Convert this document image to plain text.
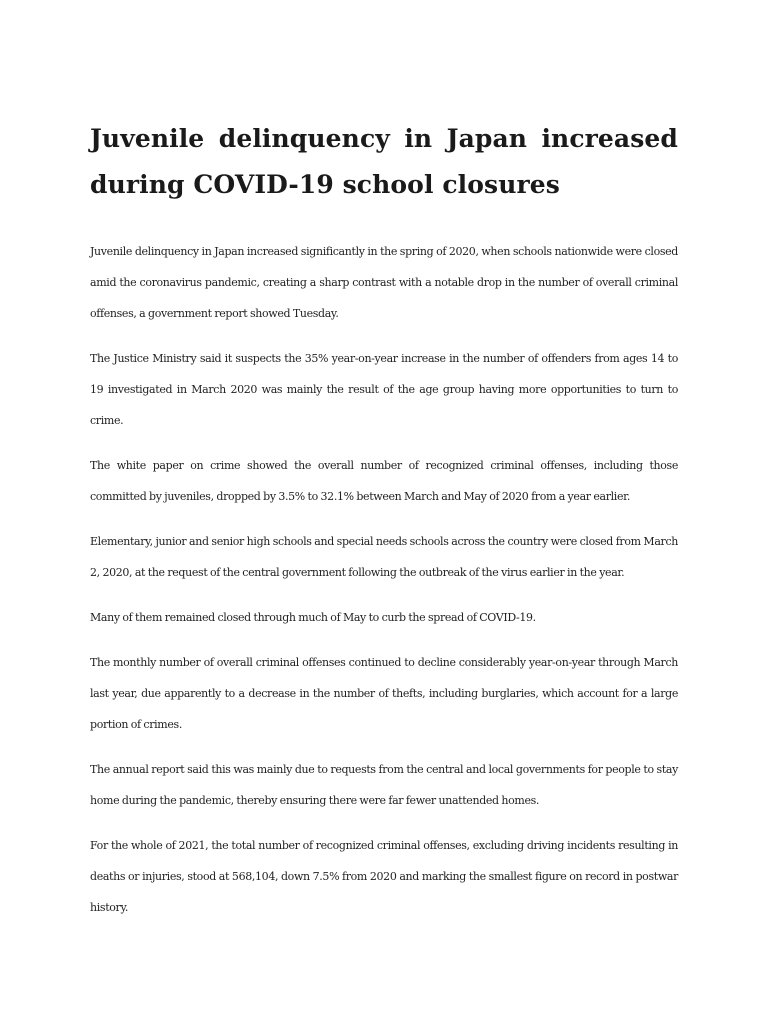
Juvenile delinquency in Japan increased during COVID-19 school closures

Juvenile delinquency in Japan increased significantly in the spring of 2020, when schools nationwide were closed amid the coronavirus pandemic, creating a sharp contrast with a notable drop in the number of overall criminal offenses, a government report showed Tuesday.

The Justice Ministry said it suspects the 35% year-on-year increase in the number of offenders from ages 14 to 19 investigated in March 2020 was mainly the result of the age group having more opportunities to turn to crime.

The white paper on crime showed the overall number of recognized criminal offenses, including those committed by juveniles, dropped by 3.5% to 32.1% between March and May of 2020 from a year earlier.

Elementary, junior and senior high schools and special needs schools across the country were closed from March 2, 2020, at the request of the central government following the outbreak of the virus earlier in the year.

Many of them remained closed through much of May to curb the spread of COVID-19.

The monthly number of overall criminal offenses continued to decline considerably year-on-year through March last year, due apparently to a decrease in the number of thefts, including burglaries, which account for a large portion of crimes.

The annual report said this was mainly due to requests from the central and local governments for people to stay home during the pandemic, thereby ensuring there were far fewer unattended homes.

For the whole of 2021, the total number of recognized criminal offenses, excluding driving incidents resulting in deaths or injuries, stood at 568,104, down 7.5% from 2020 and marking the smallest figure on record in postwar history.
